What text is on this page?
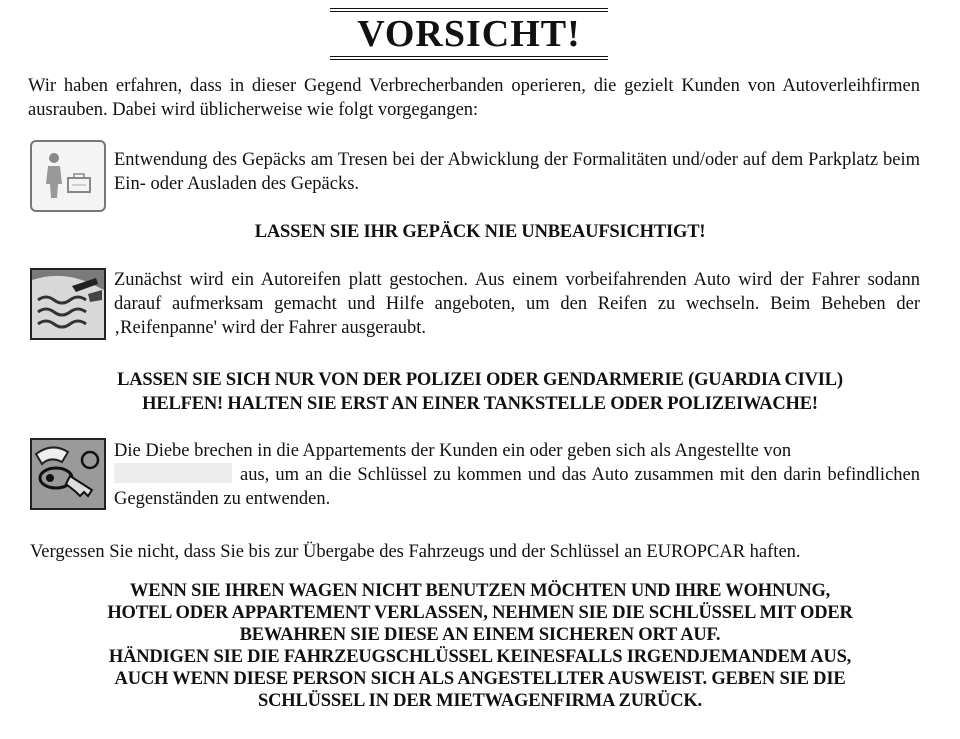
VORSICHT!
Wir haben erfahren, dass in dieser Gegend Verbrecherbanden operieren, die gezielt Kunden von Autoverleihfirmen ausrauben. Dabei wird üblicherweise wie folgt vorgegangen:
Entwendung des Gepäcks am Tresen bei der Abwicklung der Formalitäten und/oder auf dem Parkplatz beim Ein- oder Ausladen des Gepäcks.
LASSEN SIE IHR GEPÄCK NIE UNBEAUFSICHTIGT!
Zunächst wird ein Autoreifen platt gestochen. Aus einem vorbeifahrenden Auto wird der Fahrer sodann darauf aufmerksam gemacht und Hilfe angeboten, um den Reifen zu wechseln. Beim Beheben der ‚Reifenpanne' wird der Fahrer ausgeraubt.
LASSEN SIE SICH NUR VON DER POLIZEI ODER GENDARMERIE (GUARDIA CIVIL)
HELFEN! HALTEN SIE ERST AN EINER TANKSTELLE ODER POLIZEIWACHE!
Die Diebe brechen in die Appartements der Kunden ein oder geben sich als Angestellte von
aus, um an die Schlüssel zu kommen und das Auto zusammen mit den darin befindlichen Gegenständen zu entwenden.
Vergessen Sie nicht, dass Sie bis zur Übergabe des Fahrzeugs und der Schlüssel an EUROPCAR haften.
WENN SIE IHREN WAGEN NICHT BENUTZEN MÖCHTEN UND IHRE WOHNUNG,
HOTEL ODER APPARTEMENT VERLASSEN, NEHMEN SIE DIE SCHLÜSSEL MIT ODER
BEWAHREN SIE DIESE AN EINEM SICHEREN ORT AUF.
HÄNDIGEN SIE DIE FAHRZEUGSCHLÜSSEL KEINESFALLS IRGENDJEMANDEM AUS,
AUCH WENN DIESE PERSON SICH ALS ANGESTELLTER AUSWEIST. GEBEN SIE DIE
SCHLÜSSEL IN DER MIETWAGENFIRMA ZURÜCK.
